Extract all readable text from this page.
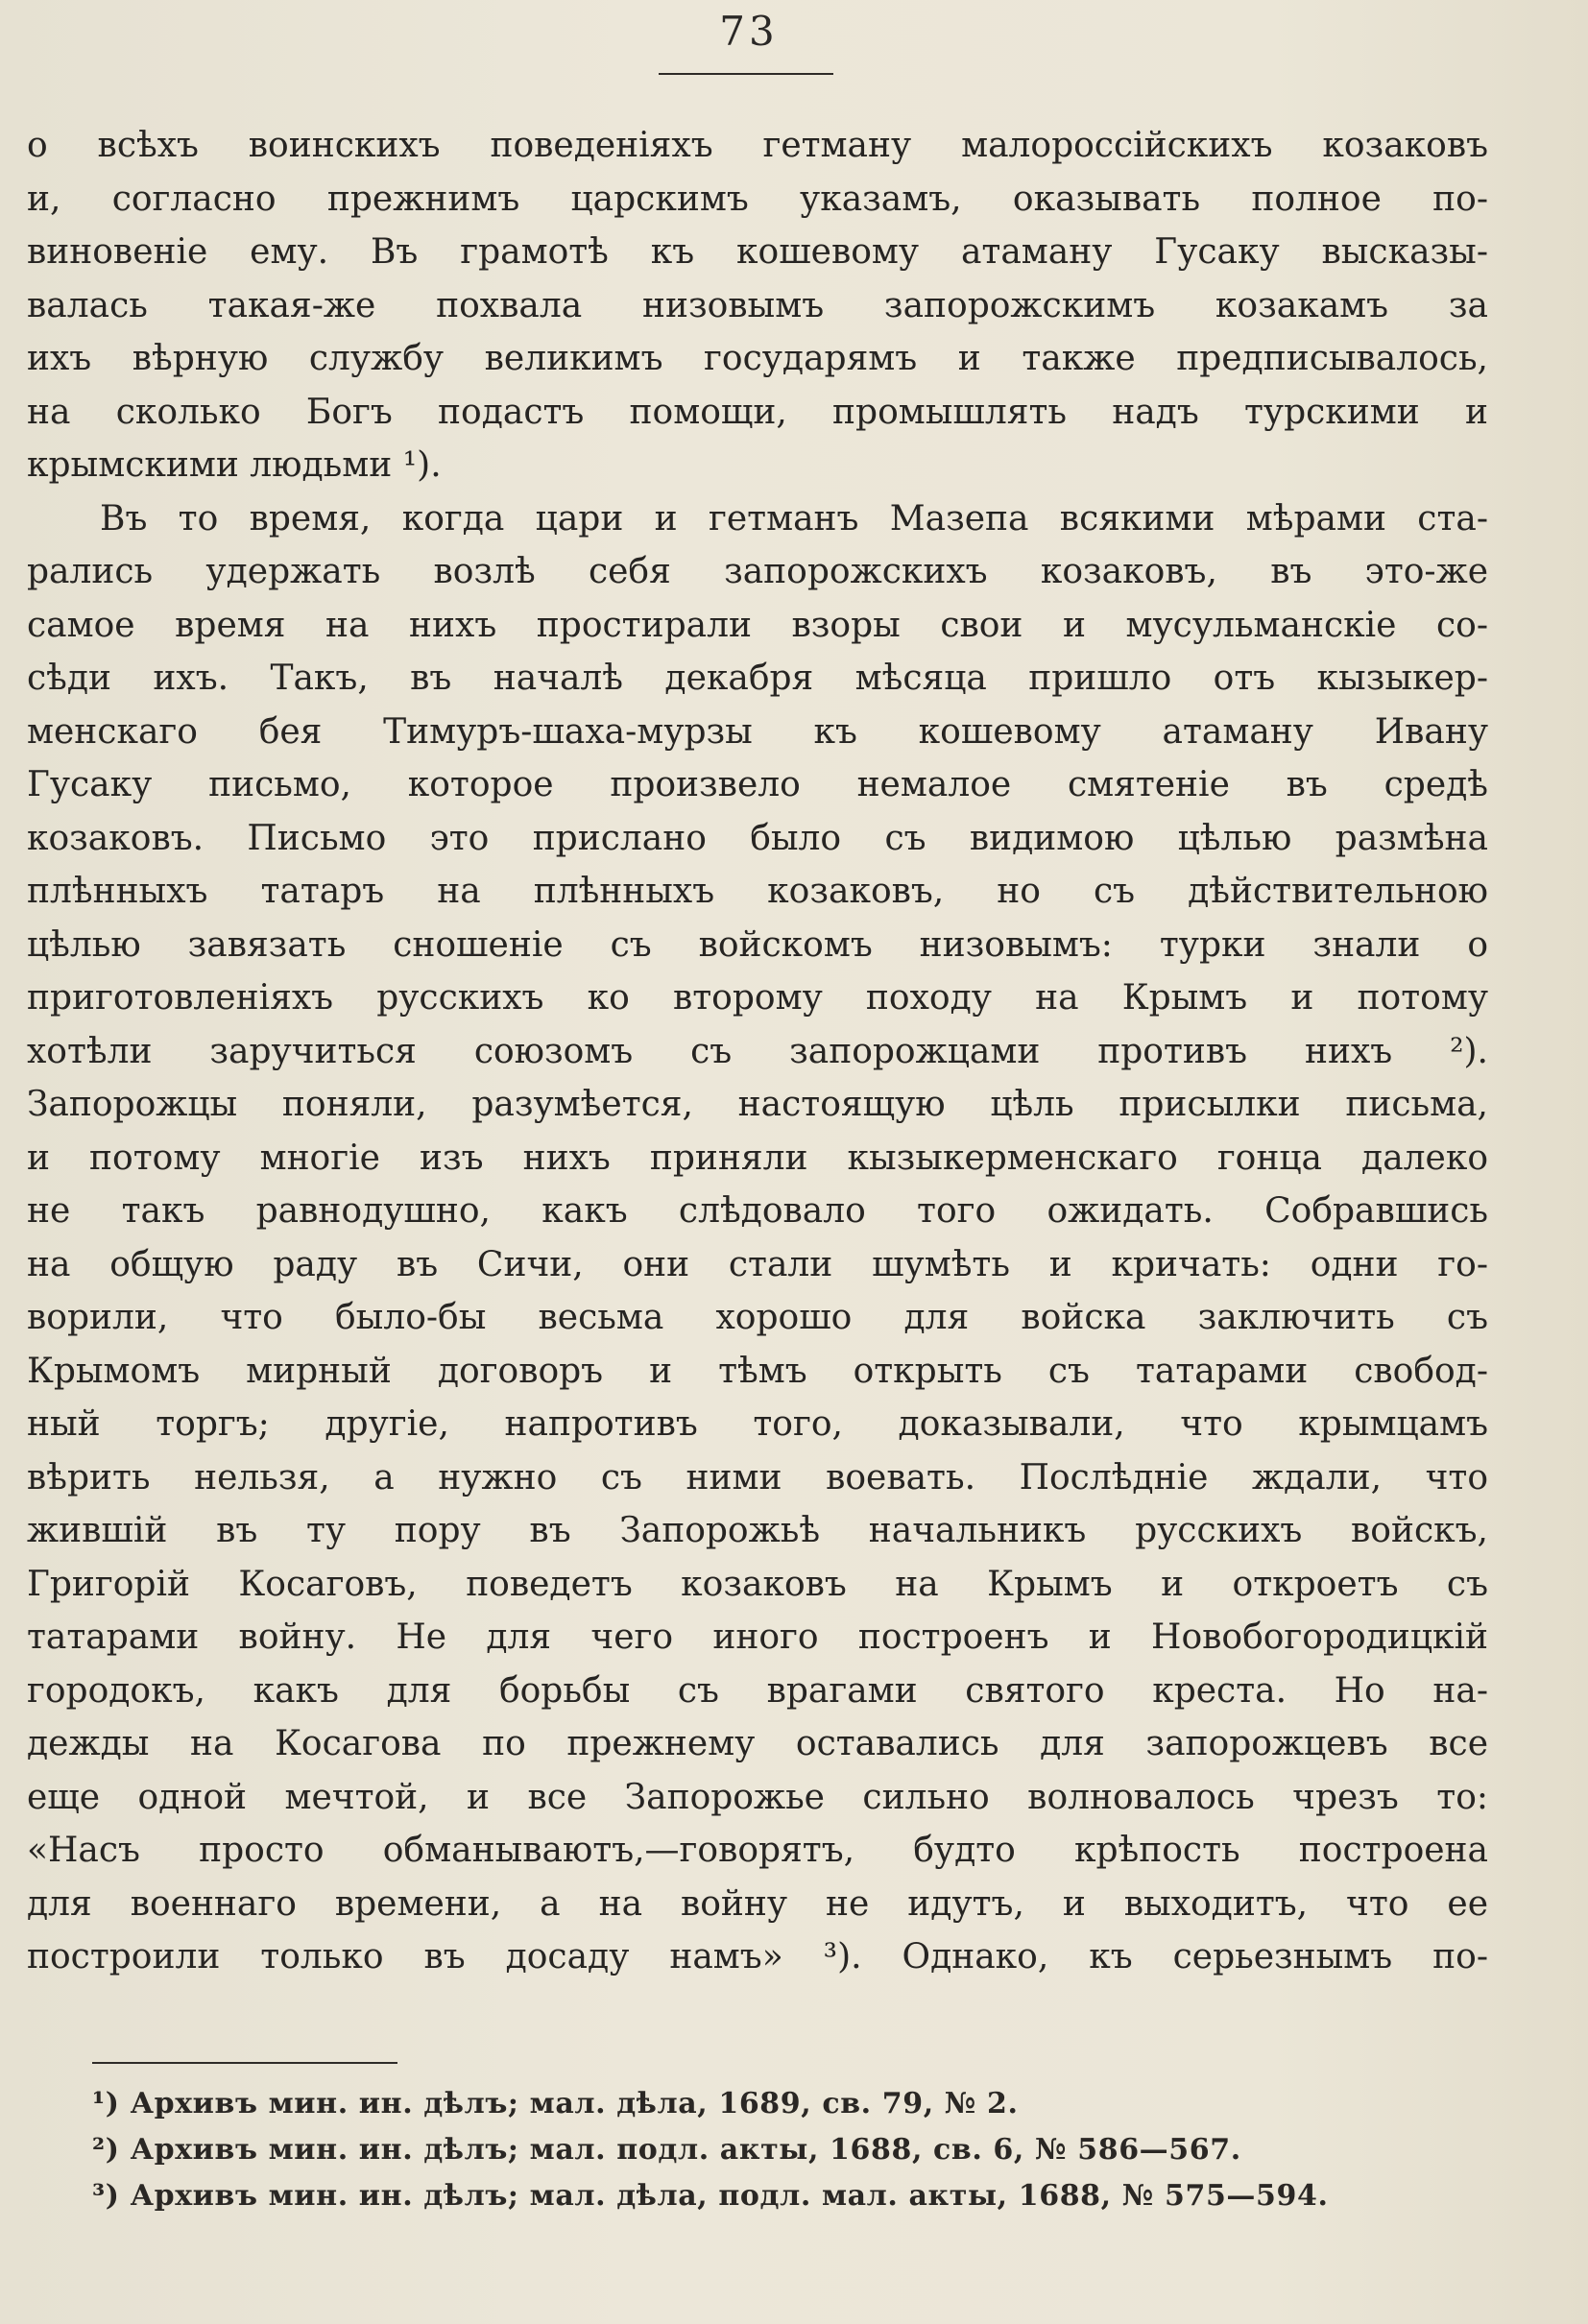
73
о всѣхъ воинскихъ поведеніяхъ гетману малороссійскихъ козаковъ
и, согласно прежнимъ царскимъ указамъ, оказывать полное по-
виновеніе ему. Въ грамотѣ къ кошевому атаману Гусаку высказы-
валась такая-же похвала низовымъ запорожскимъ козакамъ за
ихъ вѣрную службу великимъ государямъ и также предписывалось,
на сколько Богъ подастъ помощи, промышлять надъ турскими и
крымскими людьми ¹).
Въ то время, когда цари и гетманъ Мазепа всякими мѣрами ста-
рались удержать возлѣ себя запорожскихъ козаковъ, въ это-же
самое время на нихъ простирали взоры свои и мусульманскіе со-
сѣди ихъ. Такъ, въ началѣ декабря мѣсяца пришло отъ кызыкер-
менскаго бея Тимуръ-шаха-мурзы къ кошевому атаману Ивану
Гусаку письмо, которое произвело немалое смятеніе въ средѣ
козаковъ. Письмо это прислано было съ видимою цѣлью размѣна
плѣнныхъ татаръ на плѣнныхъ козаковъ, но съ дѣйствительною
цѣлью завязать сношеніе съ войскомъ низовымъ: турки знали о
приготовленіяхъ русскихъ ко второму походу на Крымъ и потому
хотѣли заручиться союзомъ съ запорожцами противъ нихъ ²).
Запорожцы поняли, разумѣется, настоящую цѣль присылки письма,
и потому многіе изъ нихъ приняли кызыкерменскаго гонца далеко
не такъ равнодушно, какъ слѣдовало того ожидать. Собравшись
на общую раду въ Сичи, они стали шумѣть и кричать: одни го-
ворили, что было-бы весьма хорошо для войска заключить съ
Крымомъ мирный договоръ и тѣмъ открыть съ татарами свобод-
ный торгъ; другіе, напротивъ того, доказывали, что крымцамъ
вѣрить нельзя, а нужно съ ними воевать. Послѣдніе ждали, что
жившій въ ту пору въ Запорожьѣ начальникъ русскихъ войскъ,
Григорій Косаговъ, поведетъ козаковъ на Крымъ и откроетъ съ
татарами войну. Не для чего иного построенъ и Новобогородицкій
городокъ, какъ для борьбы съ врагами святого креста. Но на-
дежды на Косагова по прежнему оставались для запорожцевъ все
еще одной мечтой, и все Запорожье сильно волновалось чрезъ то:
«Насъ просто обманываютъ,—говорятъ, будто крѣпость построена
для военнаго времени, а на войну не идутъ, и выходитъ, что ее
построили только въ досаду намъ» ³). Однако, къ серьезнымъ по-
¹) Архивъ мин. ин. дѣлъ; мал. дѣла, 1689, св. 79, № 2.
²) Архивъ мин. ин. дѣлъ; мал. подл. акты, 1688, св. 6, № 586—567.
³) Архивъ мин. ин. дѣлъ; мал. дѣла, подл. мал. акты, 1688, № 575—594.
